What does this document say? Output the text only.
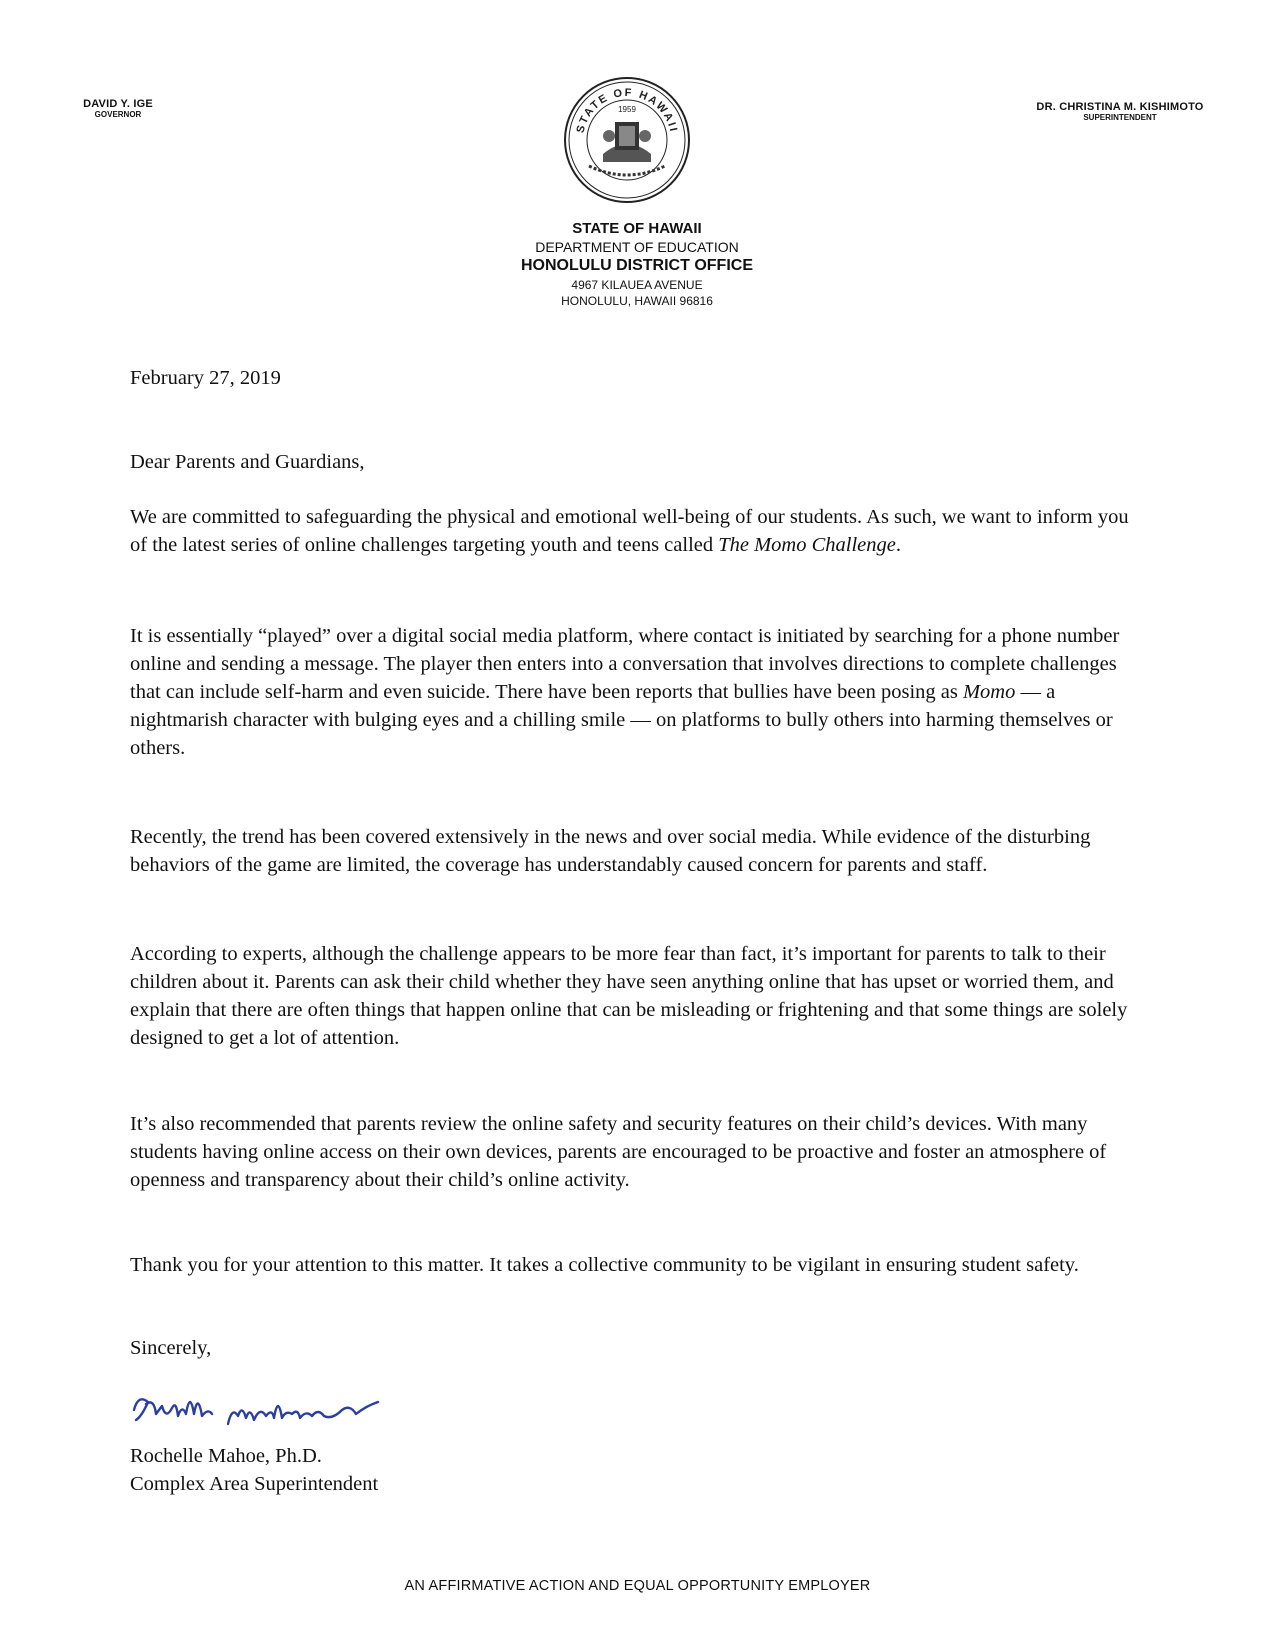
DAVID Y. IGE
GOVERNOR
STATE OF HAWAII
1959	DR. CHRISTINA M. KISHIMOTO
SUPERINTENDENT
STATE OF HAWAII
DEPARTMENT OF EDUCATION
HONOLULU DISTRICT OFFICE
4967 KILAUEA AVENUE
HONOLULU, HAWAII 96816

February 27, 2019

Dear Parents and Guardians,

We are committed to safeguarding the physical and emotional well-being of our students. As such, we want to inform you of the latest series of online challenges targeting youth and teens called The Momo Challenge.

It is essentially “played” over a digital social media platform, where contact is initiated by searching for a phone number online and sending a message. The player then enters into a conversation that involves directions to complete challenges that can include self-harm and even suicide. There have been reports that bullies have been posing as Momo — a nightmarish character with bulging eyes and a chilling smile — on platforms to bully others into harming themselves or others.

Recently, the trend has been covered extensively in the news and over social media. While evidence of the disturbing behaviors of the game are limited, the coverage has understandably caused concern for parents and staff.

According to experts, although the challenge appears to be more fear than fact, it’s important for parents to talk to their children about it. Parents can ask their child whether they have seen anything online that has upset or worried them, and explain that there are often things that happen online that can be misleading or frightening and that some things are solely designed to get a lot of attention.

It’s also recommended that parents review the online safety and security features on their child’s devices. With many students having online access on their own devices, parents are encouraged to be proactive and foster an atmosphere of openness and transparency about their child’s online activity.

Thank you for your attention to this matter. It takes a collective community to be vigilant in ensuring student safety.

Sincerely,

Rochelle Mahoe, Ph.D.

Complex Area Superintendent

AN AFFIRMATIVE ACTION AND EQUAL OPPORTUNITY EMPLOYER
